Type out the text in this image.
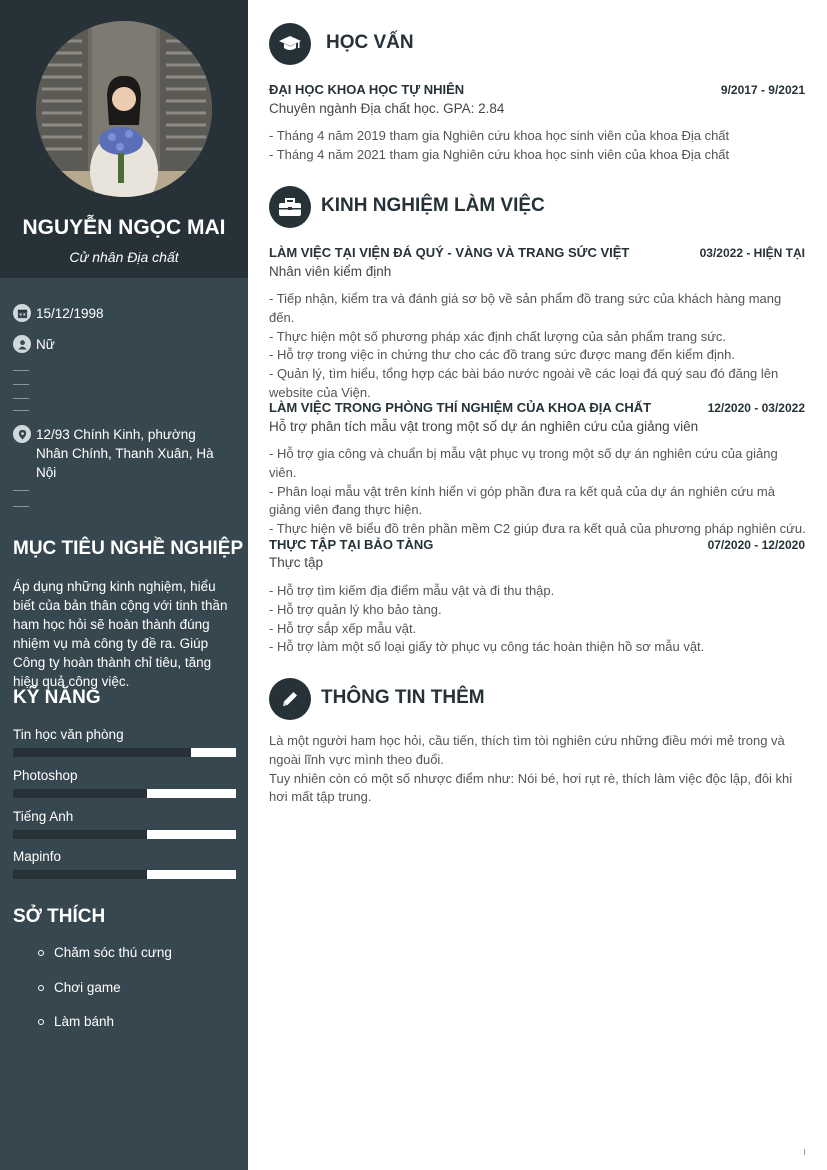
NGUYỄN NGỌC MAI
Cử nhân Địa chất
15/12/1998
Nữ
12/93 Chính Kinh, phường Nhân Chính, Thanh Xuân, Hà Nội
MỤC TIÊU NGHỀ NGHIỆP
Áp dụng những kinh nghiệm, hiểu biết của bản thân cộng với tinh thần ham học hỏi sẽ hoàn thành đúng nhiệm vụ mà công ty đề ra. Giúp Công ty hoàn thành chỉ tiêu, tăng hiệu quả công việc.
KỸ NĂNG
Tin học văn phòng
Photoshop
Tiếng Anh
Mapinfo
SỞ THÍCH
Chăm sóc thú cưng
Chơi game
Làm bánh
HỌC VẤN
ĐẠI HỌC KHOA HỌC TỰ NHIÊN	9/2017 - 9/2021
Chuyên ngành Địa chất học. GPA: 2.84
- Tháng 4 năm 2019 tham gia Nghiên cứu khoa học sinh viên của khoa Địa chất
- Tháng 4 năm 2021 tham gia Nghiên cứu khoa học sinh viên của khoa Địa chất
KINH NGHIỆM LÀM VIỆC
LÀM VIỆC TẠI VIỆN ĐÁ QUÝ - VÀNG VÀ TRANG SỨC VIỆT	03/2022 - HIỆN TẠI
Nhân viên kiểm định
- Tiếp nhận, kiểm tra và đánh giá sơ bộ về sản phẩm đồ trang sức của khách hàng mang đến.
- Thực hiện một số phương pháp xác định chất lượng của sản phẩm trang sức.
- Hỗ trợ trong việc in chứng thư cho các đồ trang sức được mang đến kiểm định.
- Quản lý, tìm hiểu, tổng hợp các bài báo nước ngoài về các loại đá quý sau đó đăng lên website của Viện.
LÀM VIỆC TRONG PHÒNG THÍ NGHIỆM CỦA KHOA ĐỊA CHẤT	12/2020 - 03/2022
Hỗ trợ phân tích mẫu vật trong một số dự án nghiên cứu của giảng viên
- Hỗ trợ gia công và chuẩn bị mẫu vật phục vụ trong một số dự án nghiên cứu của giảng viên.
- Phân loại mẫu vật trên kính hiển vi góp phần đưa ra kết quả của dự án nghiên cứu mà giảng viên đang thực hiện.
- Thực hiện vẽ biểu đồ trên phần mềm C2 giúp đưa ra kết quả của phương pháp nghiên cứu.
THỰC TẬP TẠI BẢO TÀNG	07/2020 - 12/2020
Thực tập
- Hỗ trợ tìm kiếm địa điểm mẫu vật và đi thu thập.
- Hỗ trợ quản lý kho bảo tàng.
- Hỗ trợ sắp xếp mẫu vật.
- Hỗ trợ làm một số loại giấy tờ phục vụ công tác hoàn thiện hồ sơ mẫu vật.
THÔNG TIN THÊM
Là một người ham học hỏi, cầu tiến, thích tìm tòi nghiên cứu những điều mới mẻ trong và ngoài lĩnh vực mình theo đuổi.
Tuy nhiên còn có một số nhược điểm như: Nói bé, hơi rụt rè, thích làm việc độc lập, đôi khi hơi mất tập trung.
